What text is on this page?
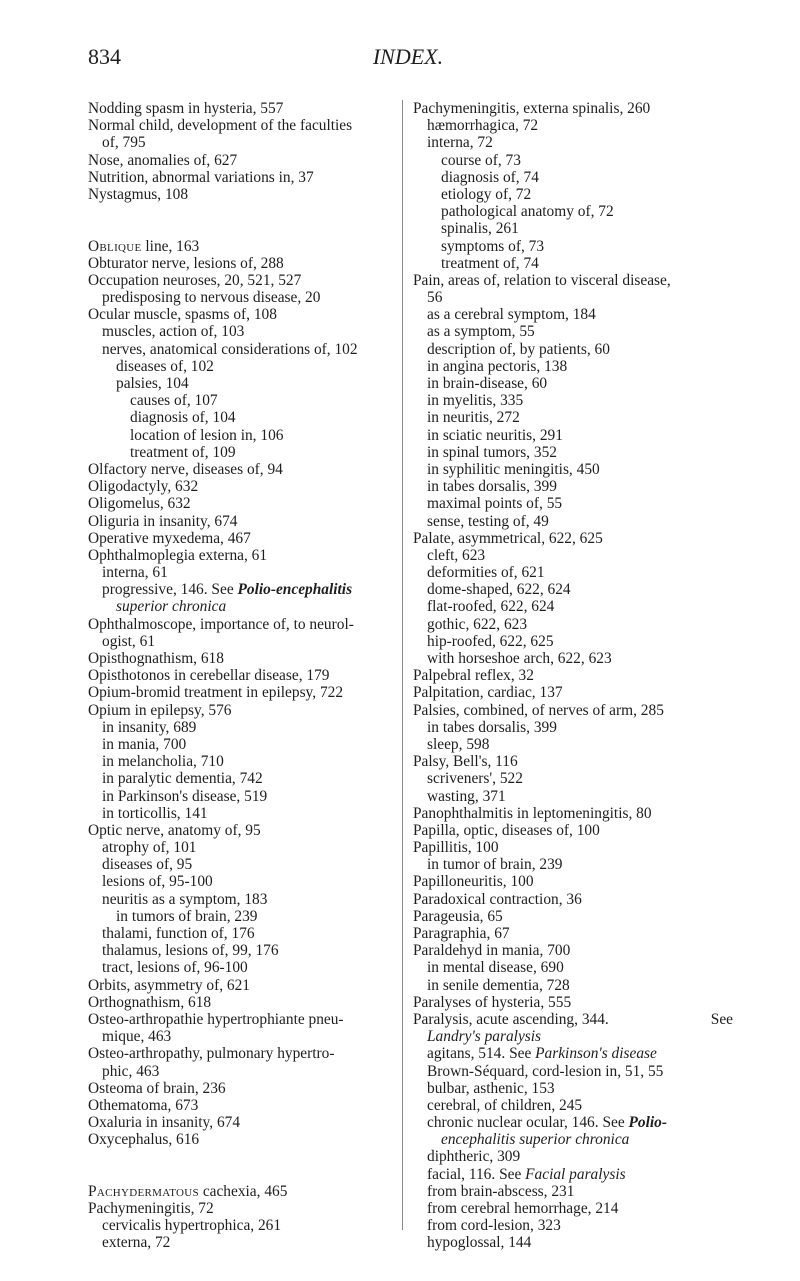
834	INDEX.
Nodding spasm in hysteria, 557
Normal child, development of the faculties
of, 795
Nose, anomalies of, 627
Nutrition, abnormal variations in, 37
Nystagmus, 108
Oblique line, 163
Obturator nerve, lesions of, 288
Occupation neuroses, 20, 521, 527
predisposing to nervous disease, 20
Ocular muscle, spasms of, 108
muscles, action of, 103
nerves, anatomical considerations of, 102
diseases of, 102
palsies, 104
causes of, 107
diagnosis of, 104
location of lesion in, 106
treatment of, 109
Olfactory nerve, diseases of, 94
Oligodactyly, 632
Oligomelus, 632
Oliguria in insanity, 674
Operative myxedema, 467
Ophthalmoplegia externa, 61
interna, 61
progressive, 146. See Polio-encephalitis
superior chronica
Ophthalmoscope, importance of, to neurol-
ogist, 61
Opisthognathism, 618
Opisthotonos in cerebellar disease, 179
Opium-bromid treatment in epilepsy, 722
Opium in epilepsy, 576
in insanity, 689
in mania, 700
in melancholia, 710
in paralytic dementia, 742
in Parkinson's disease, 519
in torticollis, 141
Optic nerve, anatomy of, 95
atrophy of, 101
diseases of, 95
lesions of, 95-100
neuritis as a symptom, 183
in tumors of brain, 239
thalami, function of, 176
thalamus, lesions of, 99, 176
tract, lesions of, 96-100
Orbits, asymmetry of, 621
Orthognathism, 618
Osteo-arthropathie hypertrophiante pneu-
mique, 463
Osteo-arthropathy, pulmonary hypertro-
phic, 463
Osteoma of brain, 236
Othematoma, 673
Oxaluria in insanity, 674
Oxycephalus, 616
Pachydermatous cachexia, 465
Pachymeningitis, 72
cervicalis hypertrophica, 261
externa, 72
Pachymeningitis, externa spinalis, 260
hæmorrhagica, 72
interna, 72
course of, 73
diagnosis of, 74
etiology of, 72
pathological anatomy of, 72
spinalis, 261
symptoms of, 73
treatment of, 74
Pain, areas of, relation to visceral disease,
56
as a cerebral symptom, 184
as a symptom, 55
description of, by patients, 60
in angina pectoris, 138
in brain-disease, 60
in myelitis, 335
in neuritis, 272
in sciatic neuritis, 291
in spinal tumors, 352
in syphilitic meningitis, 450
in tabes dorsalis, 399
maximal points of, 55
sense, testing of, 49
Palate, asymmetrical, 622, 625
cleft, 623
deformities of, 621
dome-shaped, 622, 624
flat-roofed, 622, 624
gothic, 622, 623
hip-roofed, 622, 625
with horseshoe arch, 622, 623
Palpebral reflex, 32
Palpitation, cardiac, 137
Palsies, combined, of nerves of arm, 285
in tabes dorsalis, 399
sleep, 598
Palsy, Bell's, 116
scriveners', 522
wasting, 371
Panophthalmitis in leptomeningitis, 80
Papilla, optic, diseases of, 100
Papillitis, 100
in tumor of brain, 239
Papilloneuritis, 100
Paradoxical contraction, 36
Parageusia, 65
Paragraphia, 67
Paraldehyd in mania, 700
in mental disease, 690
in senile dementia, 728
Paralyses of hysteria, 555
Paralysis, acute ascending, 344.	See
Landry's paralysis
agitans, 514. See Parkinson's disease
Brown-Séquard, cord-lesion in, 51, 55
bulbar, asthenic, 153
cerebral, of children, 245
chronic nuclear ocular, 146. See Polio-
encephalitis superior chronica
diphtheric, 309
facial, 116. See Facial paralysis
from brain-abscess, 231
from cerebral hemorrhage, 214
from cord-lesion, 323
hypoglossal, 144
